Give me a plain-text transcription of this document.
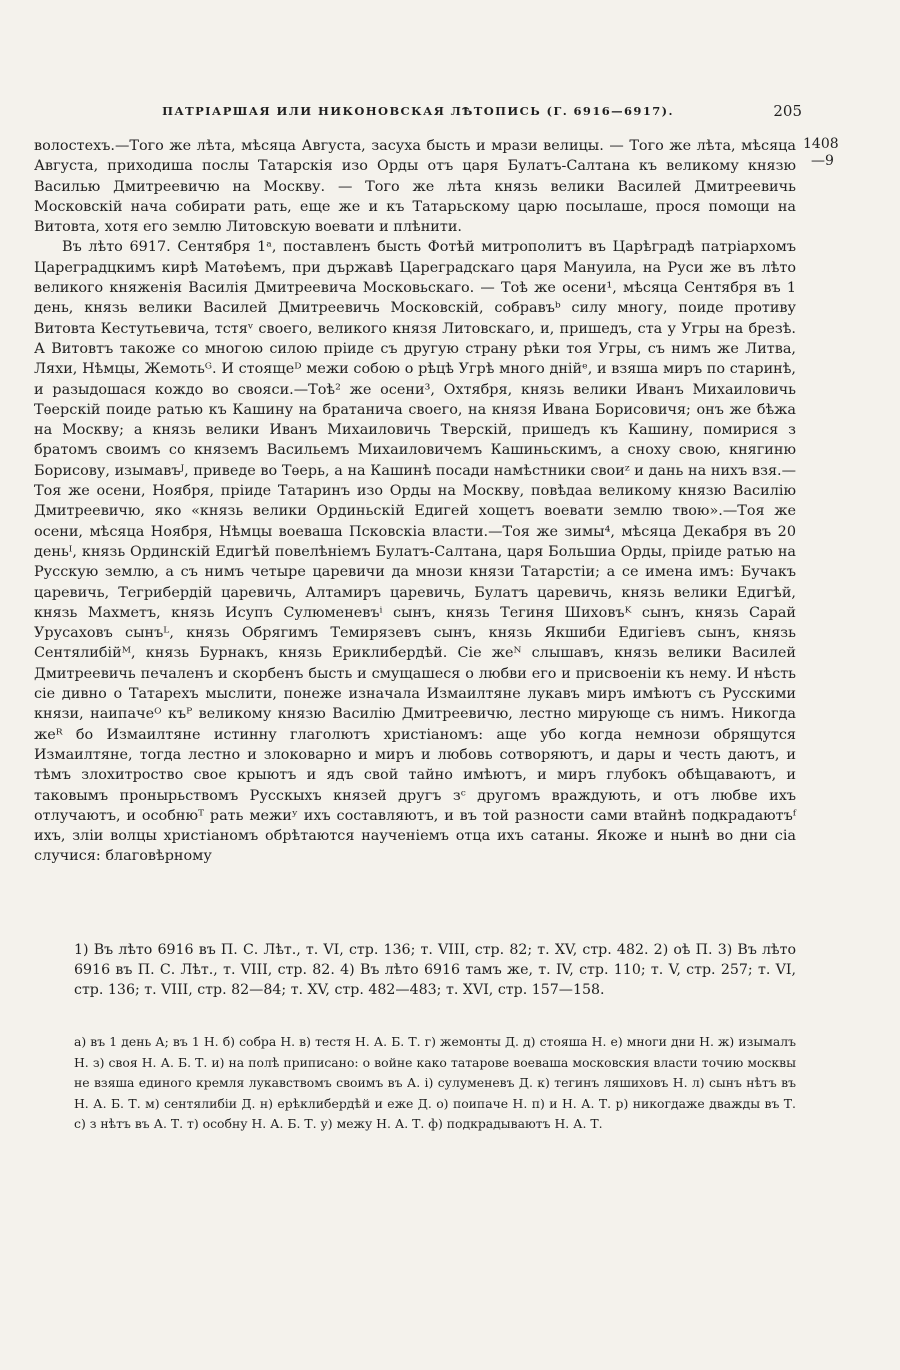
ПАТРІАРШАЯ ИЛИ НИКОНОВСКАЯ ЛѢТОПИСЬ (Г. 6916—6917).	205
1408
—9

волостехъ.—Того же лѣта, мѣсяца Августа, засуха бысть и мрази велицы. — Того же лѣта, мѣсяца Августа, приходиша послы Татарскія изо Орды отъ царя Булатъ-Салтана къ великому князю Василью Дмитреевичю на Москву. — Того же лѣта князь велики Василей Дмитреевичь Московскій нача собирати рать, еще же и къ Татарьскому царю посылаше, прося помощи на Витовта, хотя его землю Литовскую воевати и плѣнити.

Въ лѣто 6917. Сентября 1ᵃ, поставленъ бысть Фотѣй митрополитъ въ Царѣградѣ патріархомъ Цареградцкимъ кирѣ Матѳѣемъ, при държавѣ Цареградскаго царя Мануила, на Руси же въ лѣто великого княженія Василія Дмитреевича Московьскаго. — Тоѣ же осени¹, мѣсяца Сентября въ 1 день, князь велики Василей Дмитреевичь Московскій, собравъᵇ силу многу, поиде противу Витовта Кестутьевича, тстяᵛ своего, великого князя Литовскаго, и, пришедъ, ста у Угры на брезѣ. А Витовтъ такоже со многою силою пріиде съ другую страну рѣки тоя Угры, съ нимъ же Литва, Ляхи, Нѣмцы, Жемотьᴳ. И стоящеᴰ межи собою о рѣцѣ Угрѣ много днійᵉ, и взяша миръ по старинѣ, и разыдошася кождо во свояси.—Тоѣ² же осени³, Охтября, князь велики Иванъ Михаиловичь Тѳерскій поиде ратью къ Кашину на братанича своего, на князя Ивана Борисовичя; онъ же бѣжа на Москву; а князь велики Иванъ Михаиловичь Тверскій, пришедъ къ Кашину, помирися з братомъ своимъ со княземъ Васильемъ Михаиловичемъ Кашиньскимъ, а сноху свою, княгиню Борисову, изымавъᴶ, приведе во Тѳерь, а на Кашинѣ посади намѣстники своиᶻ и дань на нихъ взя.—Тоя же осени, Ноября, пріиде Татаринъ изо Орды на Москву, повѣдаа великому князю Василію Дмитреевичю, яко «князь велики Ординьскій Едигей хощетъ воевати землю твою».—Тоя же осени, мѣсяца Ноября, Нѣмцы воеваша Псковскіа власти.—Тоя же зимы⁴, мѣсяца Декабря въ 20 деньᴵ, князь Ординскій Едигѣй повелѣніемъ Булатъ-Салтана, царя Большиа Орды, пріиде ратью на Русскую землю, а съ нимъ четыре царевичи да мнози князи Татарстіи; а се имена имъ: Бучакъ царевичь, Тегрибердій царевичь, Алтамиръ царевичь, Булатъ царевичь, князь велики Едигѣй, князь Махметъ, князь Исупъ Сулюменевъⁱ сынъ, князь Тегиня Шиховъᴷ сынъ, князь Сарай Урусаховъ сынъᴸ, князь Обрягимъ Темирязевъ сынъ, князь Якшиби Едигіевъ сынъ, князь Сентялибійᴹ, князь Бурнакъ, князь Ериклибердѣй. Сіе жеᴺ слышавъ, князь велики Василей Дмитреевичь печаленъ и скорбенъ бысть и смущашеся о любви его и присвоеніи къ нему. И нѣсть сіе дивно о Татарехъ мыслити, понеже изначала Измаилтяне лукавъ миръ имѣютъ съ Русскими князи, наипачеᴼ къᴾ великому князю Василію Дмитреевичю, лестно мирующе съ нимъ. Никогда жеᴿ бо Измаилтяне истинну глаголютъ христіаномъ: аще убо когда немнози обрящутся Измаилтяне, тогда лестно и злоковарно и миръ и любовь сотворяютъ, и дары и честь даютъ, и тѣмъ злохитроство свое крыютъ и ядъ свой тайно имѣютъ, и миръ глубокъ обѣщаваютъ, и таковымъ пронырьствомъ Русскыхъ князей другъ зᶜ другомъ враждують, и отъ любве ихъ отлучаютъ, и особнюᵀ рать межиʸ ихъ составляютъ, и въ той разности сами втайнѣ подкрадаютъᶠ ихъ, зліи волцы христіаномъ обрѣтаются наученіемъ отца ихъ сатаны. Якоже и нынѣ во дни сіа случися: благовѣрному

1) Въ лѣто 6916 въ П. С. Лѣт., т. VI, стр. 136; т. VIII, стр. 82; т. XV, стр. 482. 2) оѣ П. 3) Въ лѣто 6916 въ П. С. Лѣт., т. VIII, стр. 82. 4) Въ лѣто 6916 тамъ же, т. IV, стр. 110; т. V, стр. 257; т. VI, стр. 136; т. VIII, стр. 82—84; т. XV, стр. 482—483; т. XVI, стр. 157—158.

а) въ 1 день А; въ 1 Н. б) собра Н. в) тестя Н. А. Б. Т. г) жемонты Д. д) стояша Н. е) многи дни Н. ж) изымалъ Н. з) своя Н. А. Б. Т. и) на полѣ приписано: о войне како татарове воеваша московския власти точию москвы не взяша единого кремля лукавствомъ своимъ въ А. і) сулуменевъ Д. к) тегинъ ляшиховъ Н. л) сынъ нѣтъ въ Н. А. Б. Т. м) сентялибіи Д. н) ерѣклибердѣй и еже Д. о) поипаче Н. п) и Н. А. Т. р) никогдаже дважды въ Т. с) з нѣтъ въ А. Т. т) особну Н. А. Б. Т. у) межу Н. А. Т. ф) подкрадываютъ Н. А. Т.
